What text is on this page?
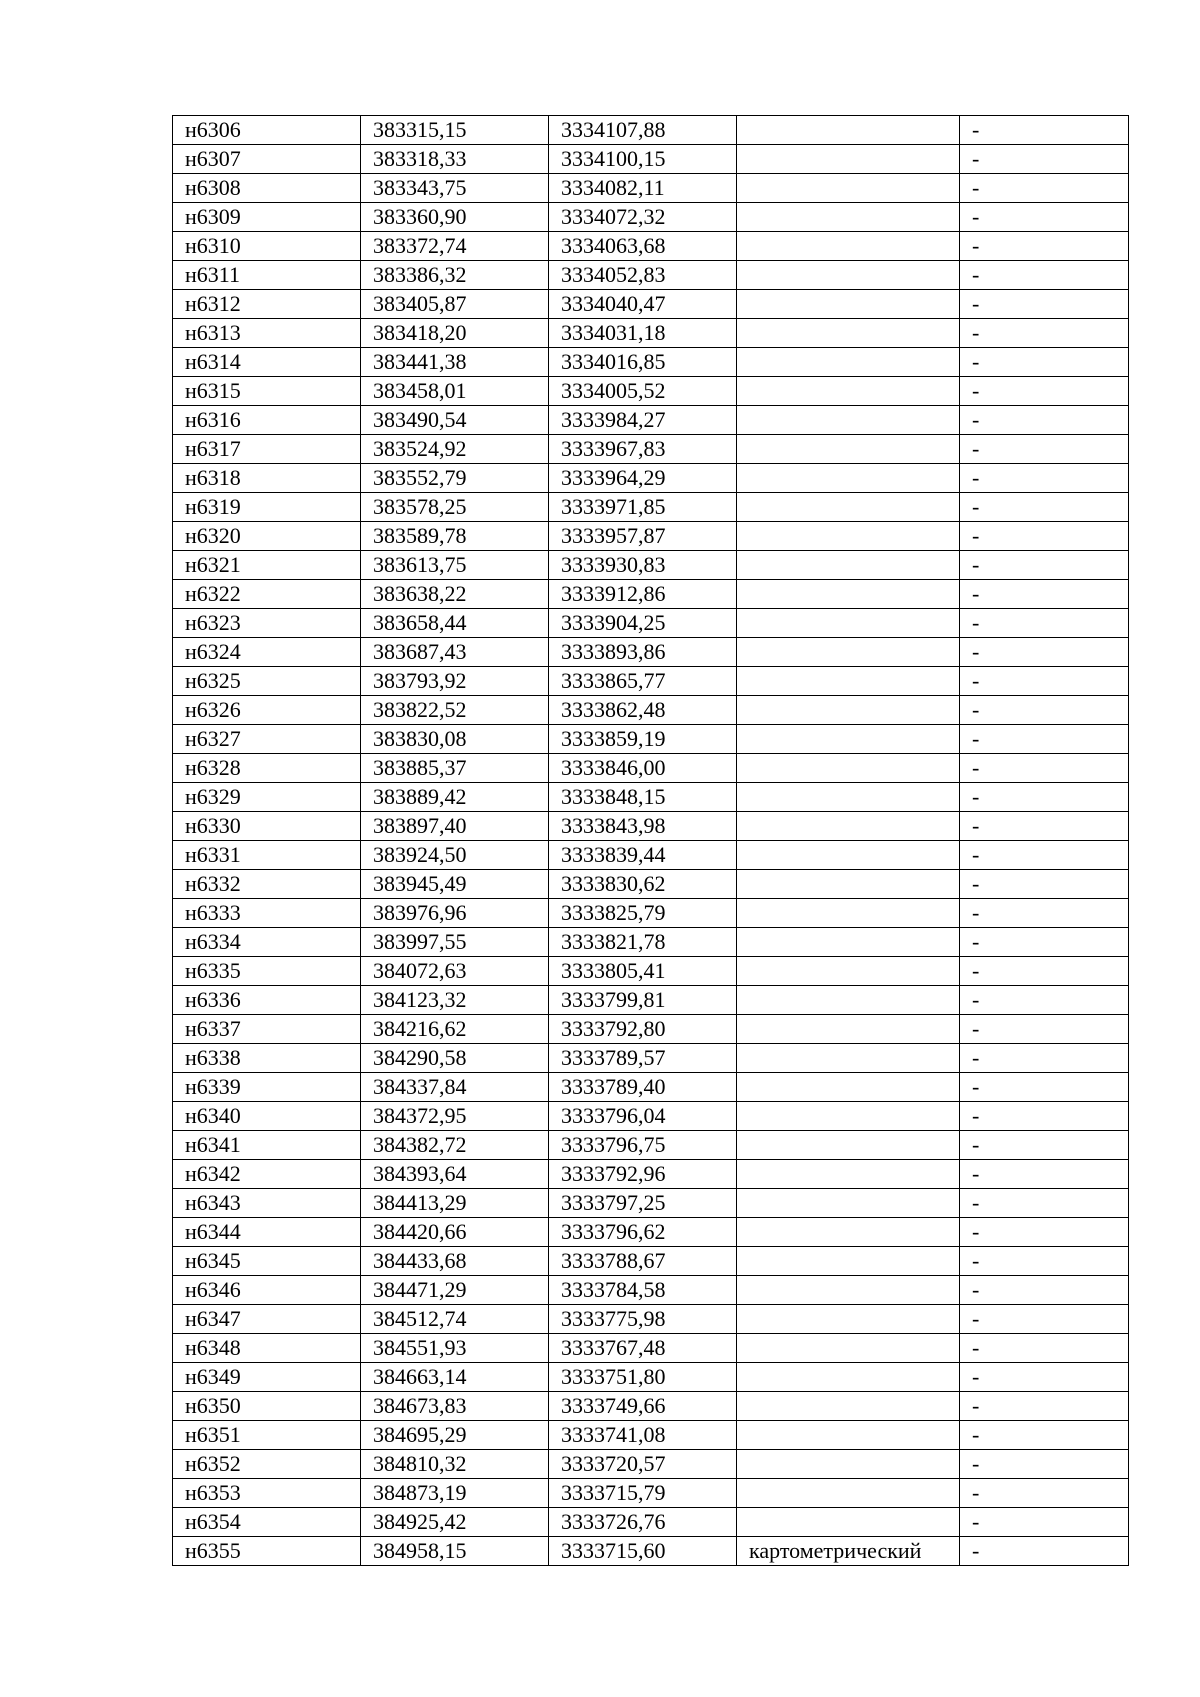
н6306	383315,15	3334107,88		-
н6307	383318,33	3334100,15		-
н6308	383343,75	3334082,11		-
н6309	383360,90	3334072,32		-
н6310	383372,74	3334063,68		-
н6311	383386,32	3334052,83		-
н6312	383405,87	3334040,47		-
н6313	383418,20	3334031,18		-
н6314	383441,38	3334016,85		-
н6315	383458,01	3334005,52		-
н6316	383490,54	3333984,27		-
н6317	383524,92	3333967,83		-
н6318	383552,79	3333964,29		-
н6319	383578,25	3333971,85		-
н6320	383589,78	3333957,87		-
н6321	383613,75	3333930,83		-
н6322	383638,22	3333912,86		-
н6323	383658,44	3333904,25		-
н6324	383687,43	3333893,86		-
н6325	383793,92	3333865,77		-
н6326	383822,52	3333862,48		-
н6327	383830,08	3333859,19		-
н6328	383885,37	3333846,00		-
н6329	383889,42	3333848,15		-
н6330	383897,40	3333843,98		-
н6331	383924,50	3333839,44		-
н6332	383945,49	3333830,62		-
н6333	383976,96	3333825,79		-
н6334	383997,55	3333821,78		-
н6335	384072,63	3333805,41		-
н6336	384123,32	3333799,81		-
н6337	384216,62	3333792,80		-
н6338	384290,58	3333789,57		-
н6339	384337,84	3333789,40		-
н6340	384372,95	3333796,04		-
н6341	384382,72	3333796,75		-
н6342	384393,64	3333792,96		-
н6343	384413,29	3333797,25		-
н6344	384420,66	3333796,62		-
н6345	384433,68	3333788,67		-
н6346	384471,29	3333784,58		-
н6347	384512,74	3333775,98		-
н6348	384551,93	3333767,48		-
н6349	384663,14	3333751,80		-
н6350	384673,83	3333749,66		-
н6351	384695,29	3333741,08		-
н6352	384810,32	3333720,57		-
н6353	384873,19	3333715,79		-
н6354	384925,42	3333726,76		-
н6355	384958,15	3333715,60	картометрический	-
